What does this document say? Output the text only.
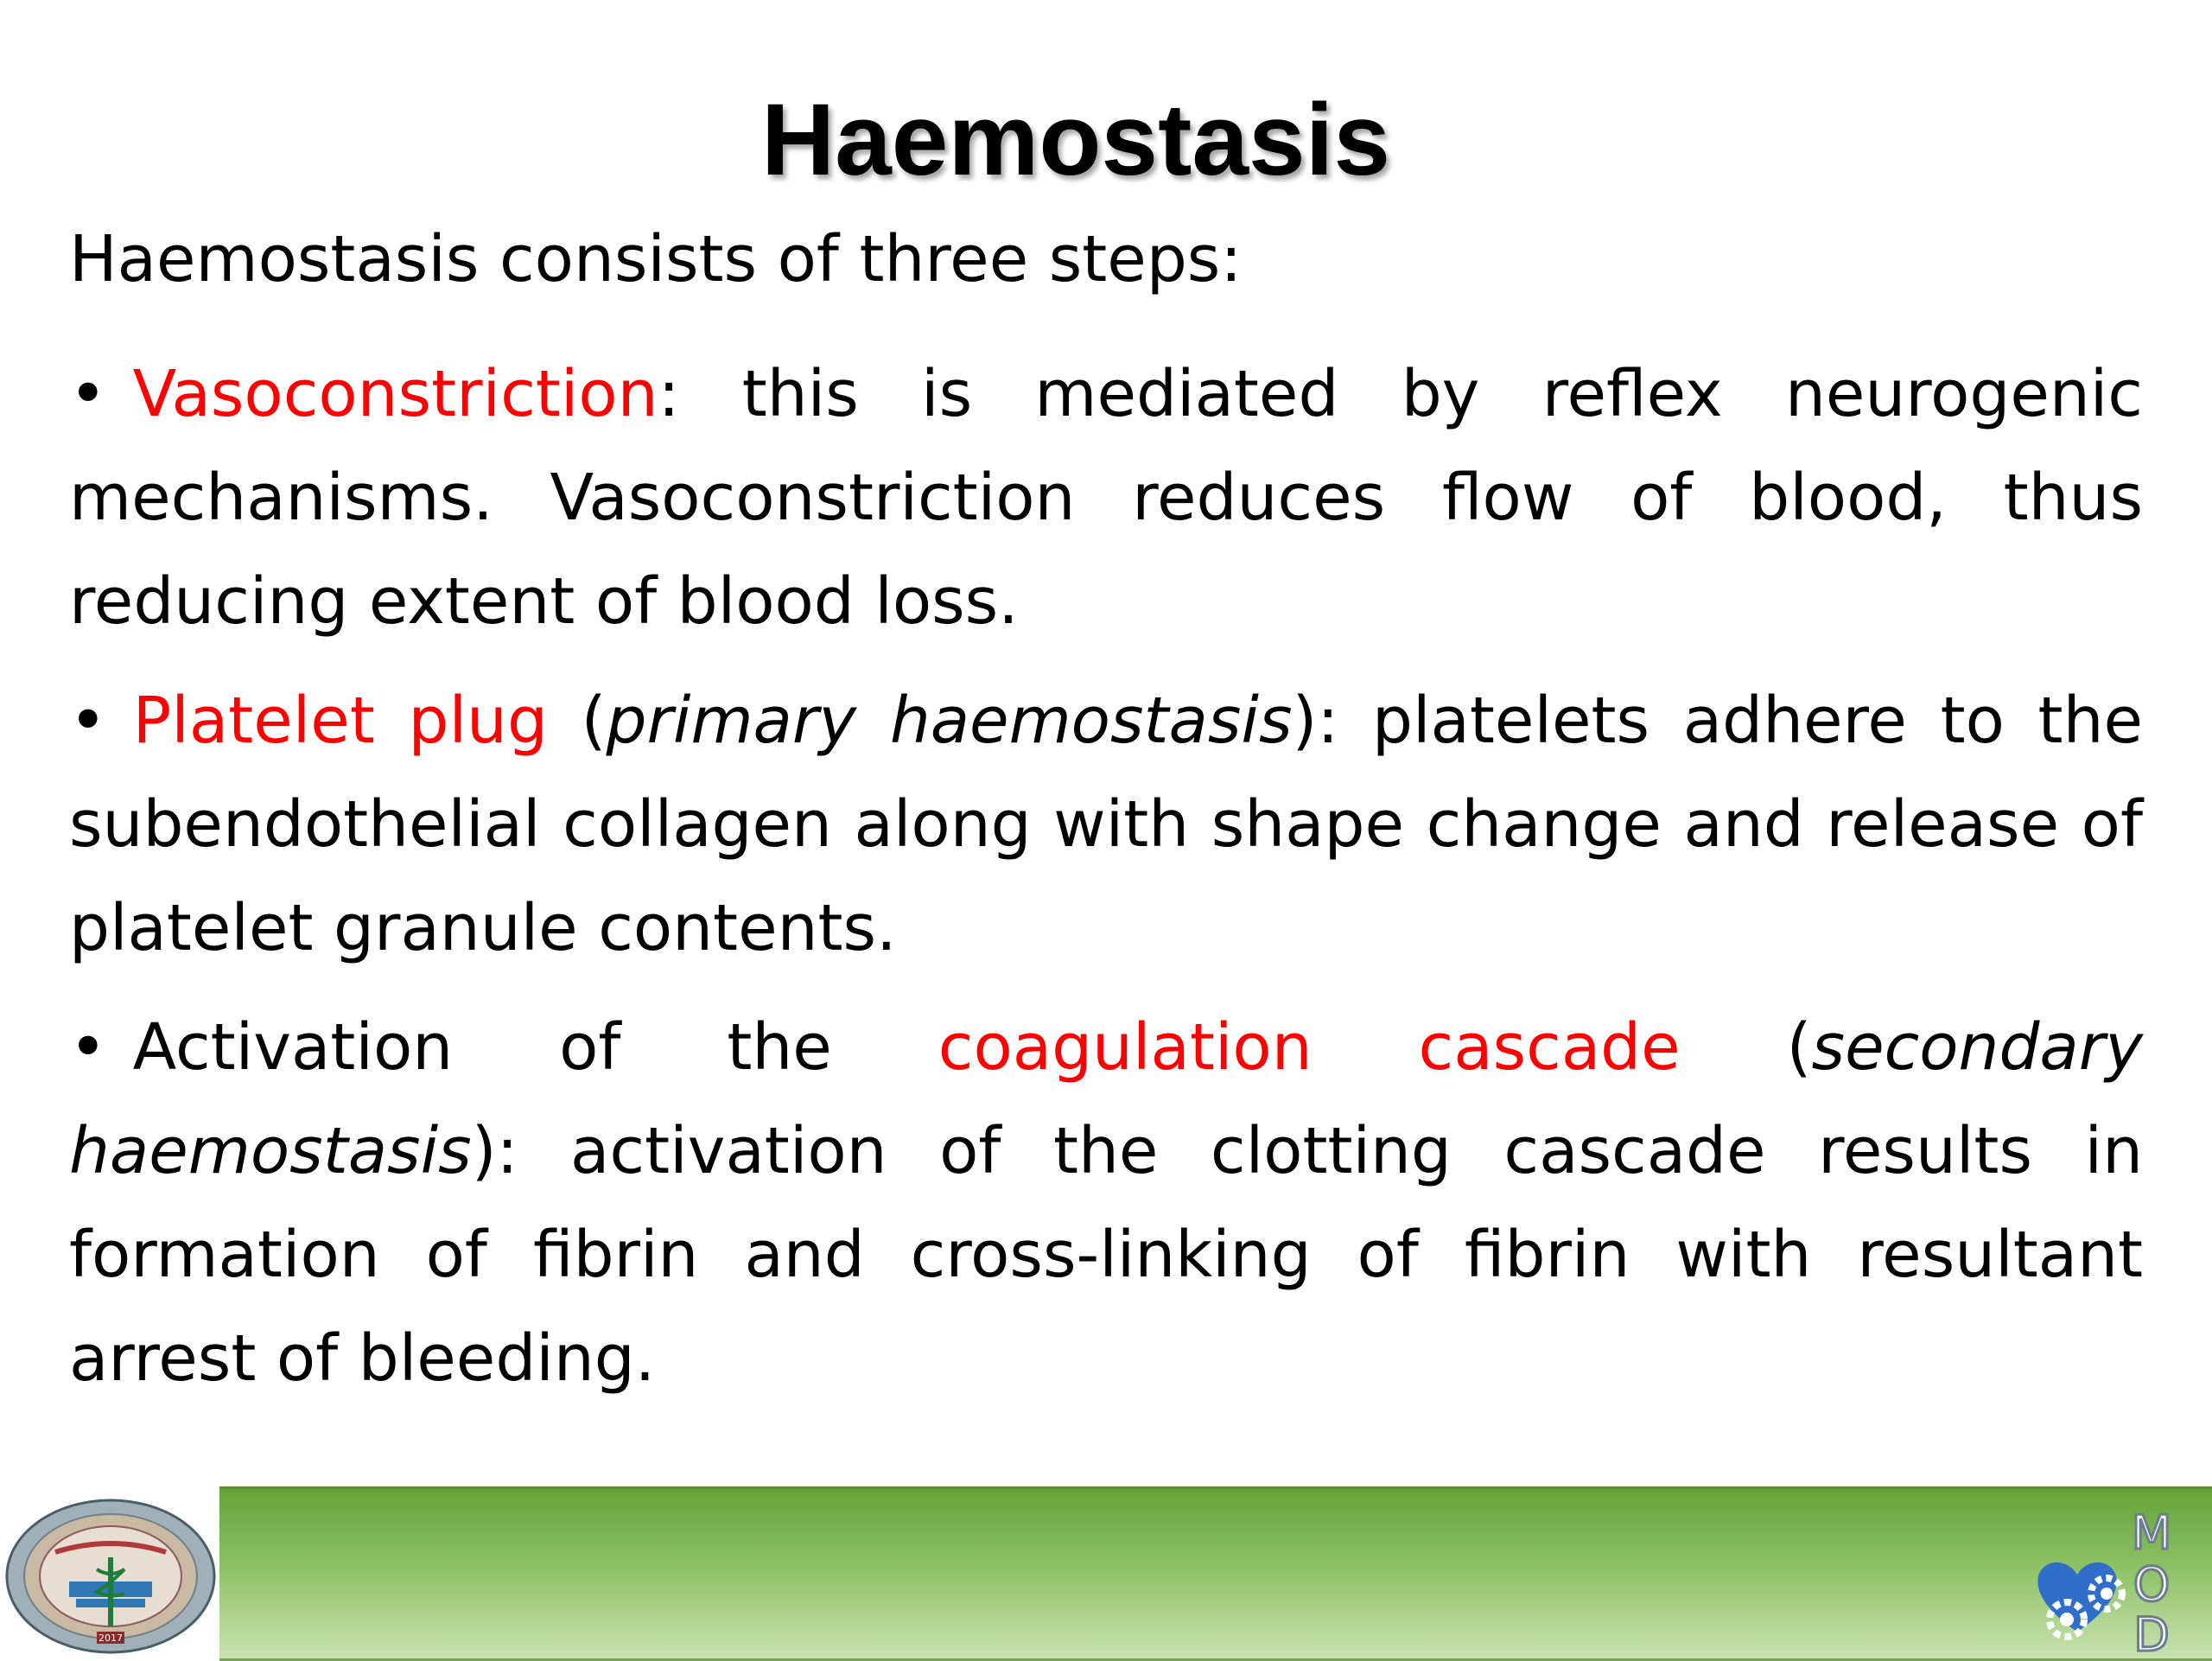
Haemostasis

Haemostasis consists of three steps:

• Vasoconstriction: this is mediated by reflex neurogenic mechanisms. Vasoconstriction reduces flow of blood, thus reducing extent of blood loss.

• Platelet plug (primary haemostasis): platelets adhere to the subendothelial collagen along with shape change and release of platelet granule contents.

• Activation of the coagulation cascade (secondary haemostasis): activation of the clotting cascade results in formation of fibrin and cross-linking of fibrin with resultant arrest of bleeding.

2017
M
O
D
